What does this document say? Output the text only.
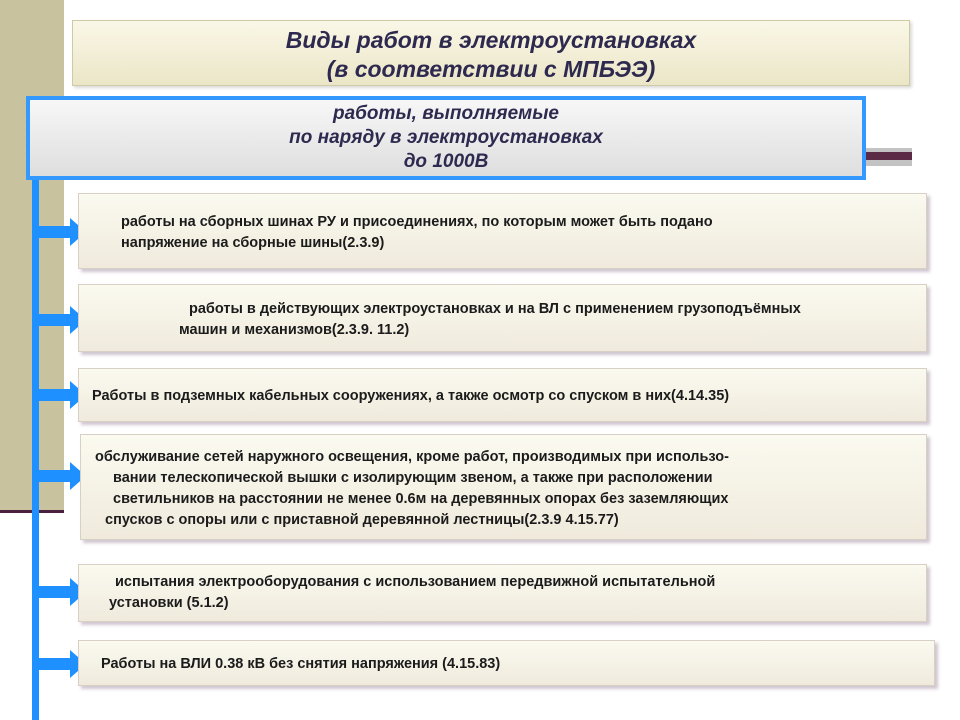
Виды работ в электроустановках
(в соответствии с МПБЭЭ)
работы, выполняемые
по наряду в электроустановках
до 1000В
работы на сборных шинах РУ и присоединениях, по которым может быть подано
напряжение на сборные шины(2.3.9)
работы в действующих электроустановках и на ВЛ с применением грузоподъёмных
машин и механизмов(2.3.9. 11.2)
Работы в подземных кабельных сооружениях, а также осмотр со спуском в них(4.14.35)
обслуживание сетей наружного освещения, кроме работ, производимых при использо-
вании телескопической вышки с изолирующим звеном, а также при расположении
светильников на расстоянии не менее 0.6м на деревянных опорах без заземляющих
спусков с опоры или с приставной деревянной лестницы(2.3.9 4.15.77)
испытания электрооборудования с использованием передвижной испытательной
установки (5.1.2)
Работы на ВЛИ 0.38 кВ без снятия напряжения (4.15.83)
